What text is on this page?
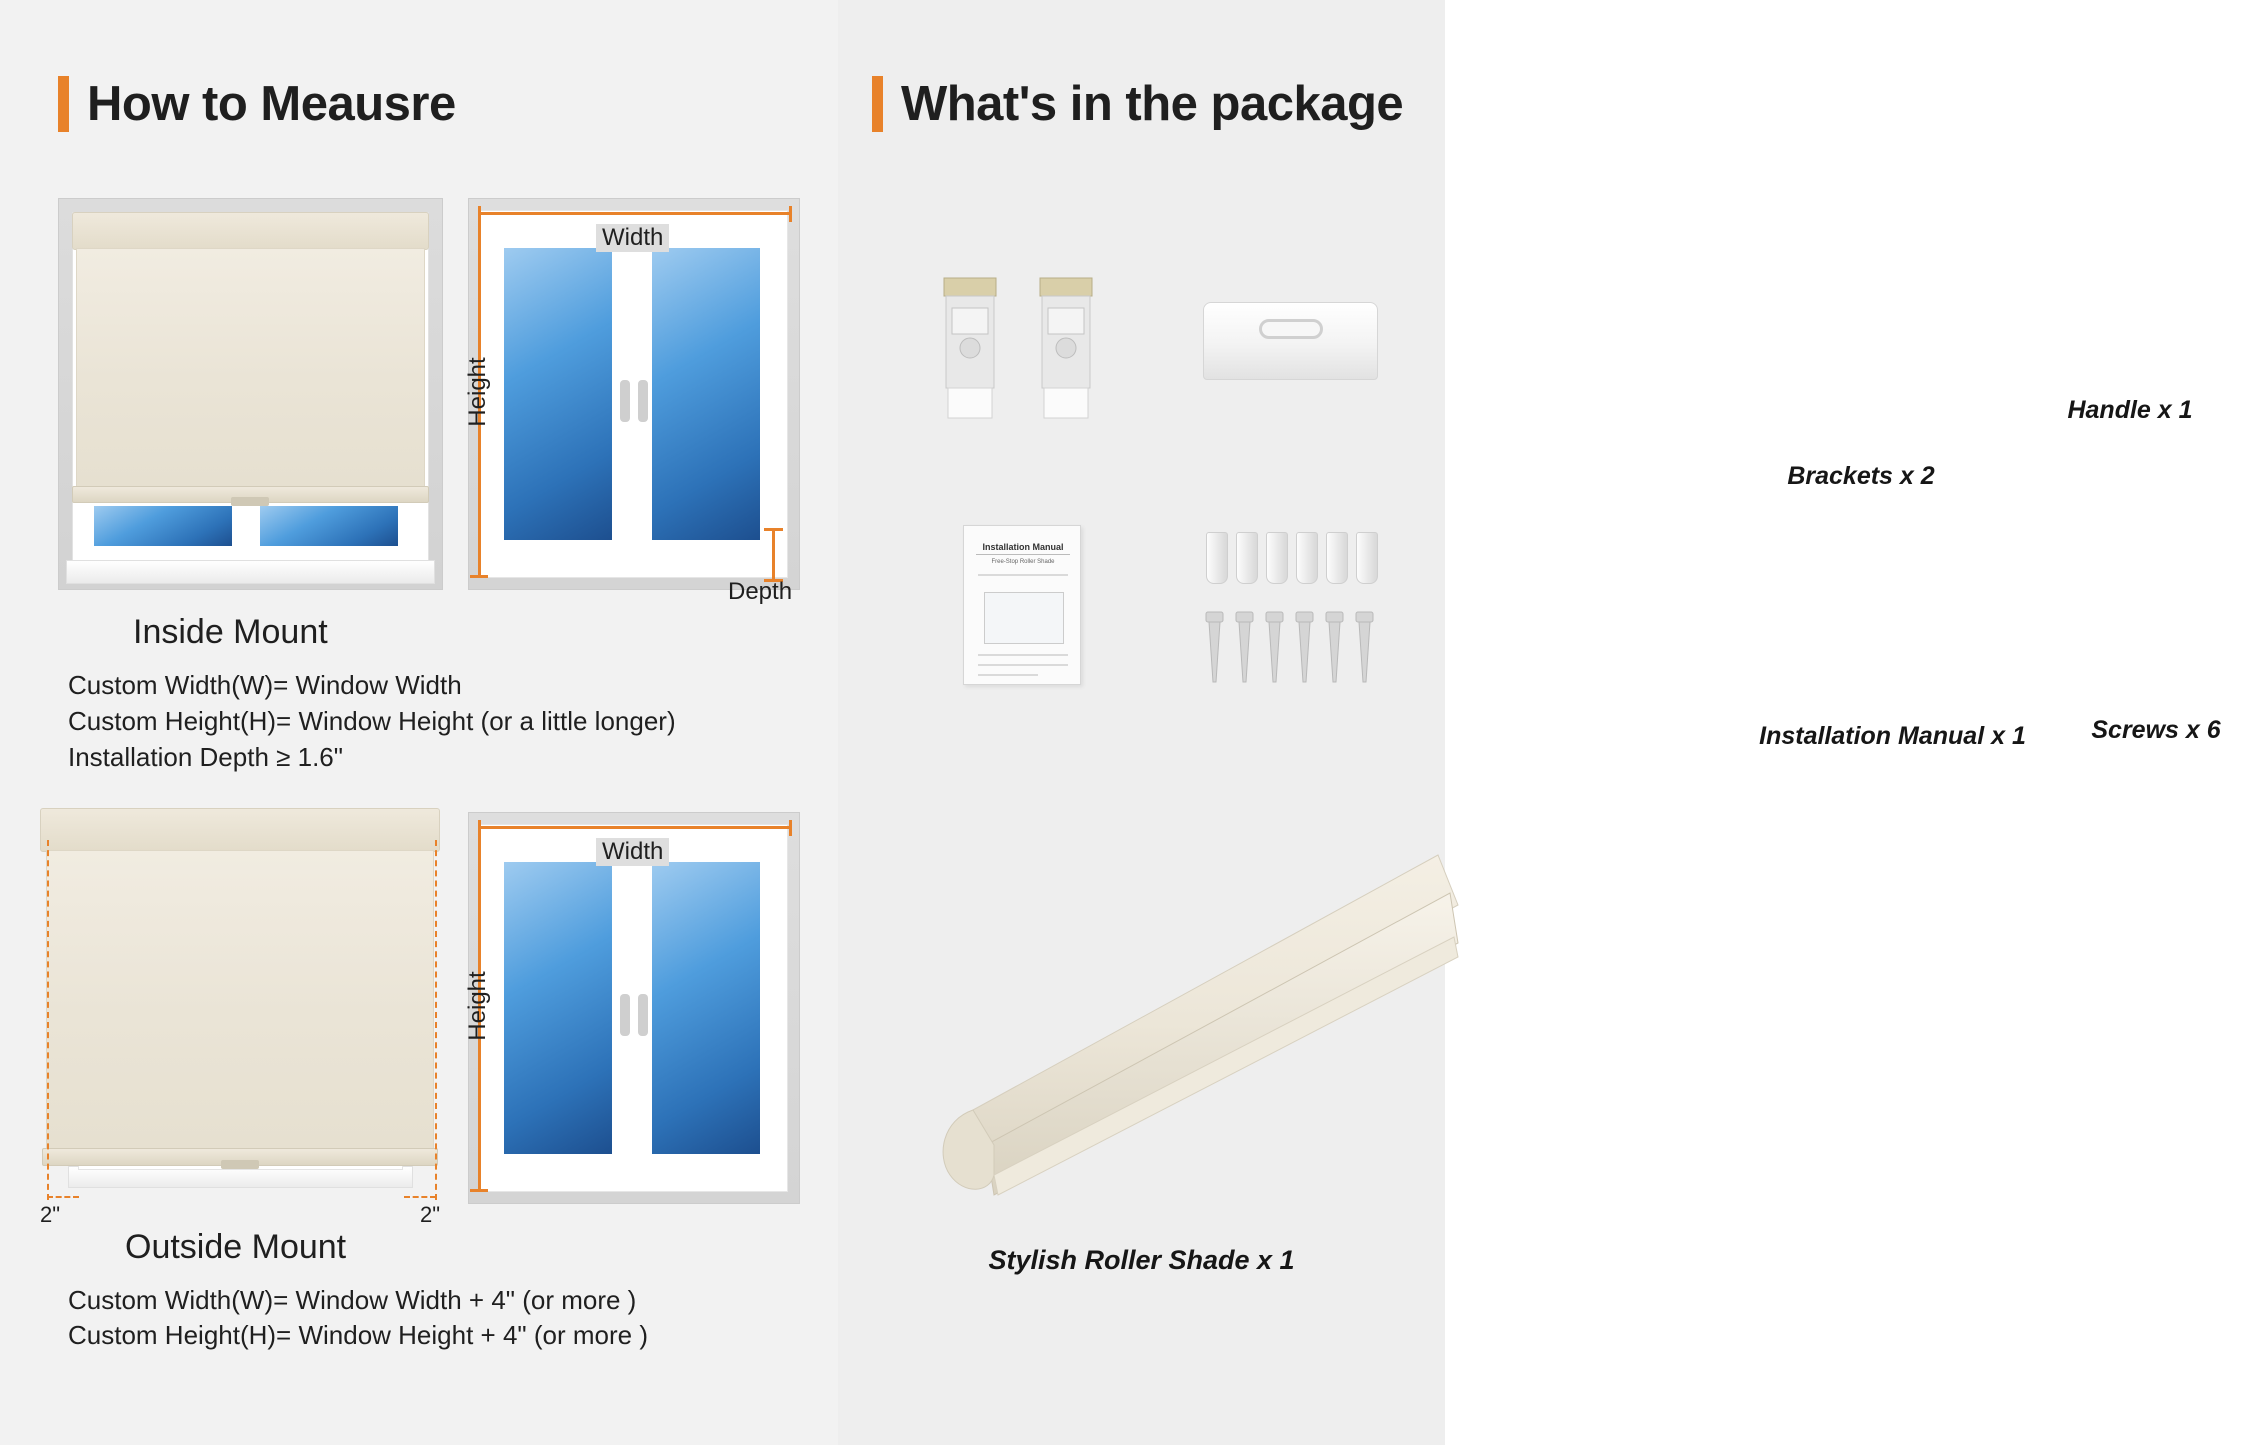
How to Meausre
Width
Height
Depth
Inside Mount
Custom Width(W)= Window Width
Custom Height(H)= Window Height (or a little longer)
Installation Depth ≥ 1.6"
2"	2"
Width
Height
Outside Mount
Custom Width(W)= Window Width + 4" (or more )
Custom Height(H)= Window Height + 4" (or more )
What's in the package
Brackets x 2
Handle x 1
Installation Manual
Free-Stop Roller Shade
Installation Manual x 1	Screws x 6
Stylish Roller Shade x 1
